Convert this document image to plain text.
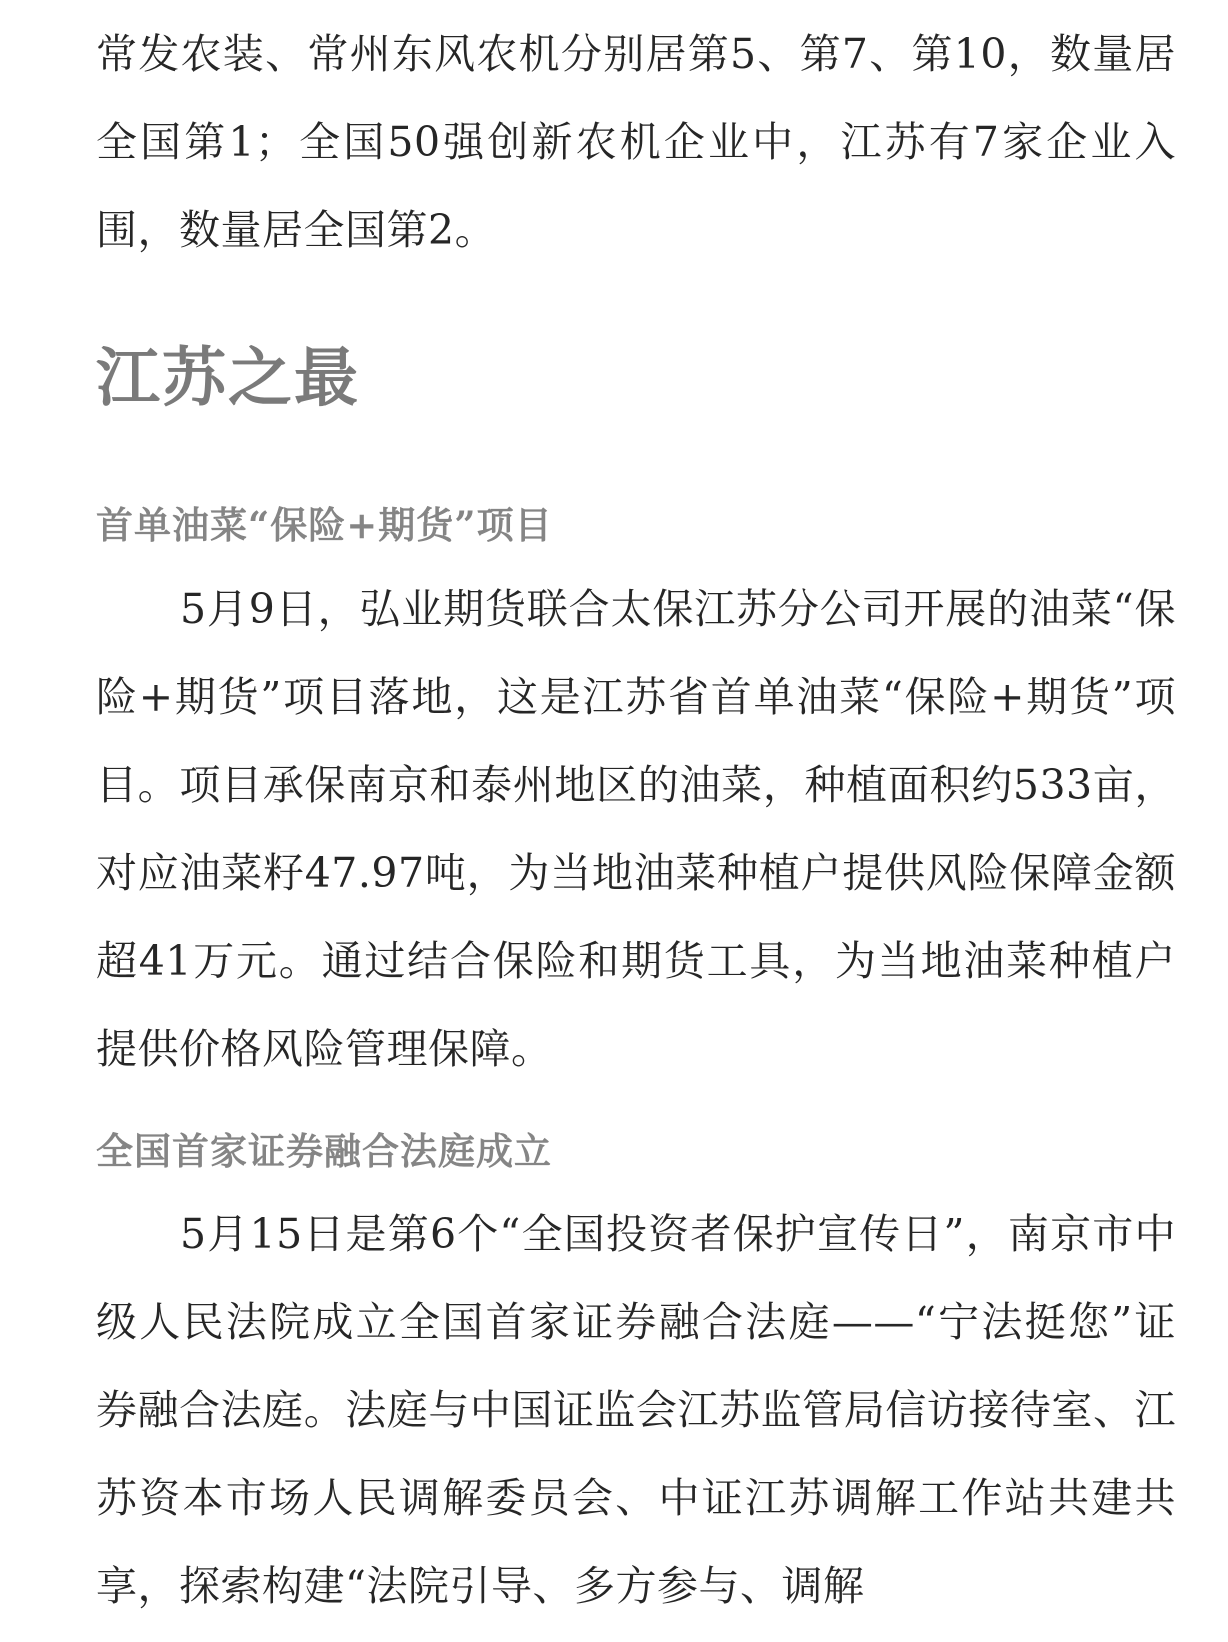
常发农装、常州东风农机分别居第5、第7、第10，数量居全国第1；全国50强创新农机企业中，江苏有7家企业入围，数量居全国第2。

江苏之最
首单油菜“保险+期货”项目

5月9日，弘业期货联合太保江苏分公司开展的油菜“保险+期货”项目落地，这是江苏省首单油菜“保险+期货”项目。项目承保南京和泰州地区的油菜，种植面积约533亩，对应油菜籽47.97吨，为当地油菜种植户提供风险保障金额超41万元。通过结合保险和期货工具，为当地油菜种植户提供价格风险管理保障。

全国首家证券融合法庭成立

5月15日是第6个“全国投资者保护宣传日”，南京市中级人民法院成立全国首家证券融合法庭——“宁法挺您”证券融合法庭。法庭与中国证监会江苏监管局信访接待室、江苏资本市场人民调解委员会、中证江苏调解工作站共建共享，探索构建“法院引导、多方参与、调解
